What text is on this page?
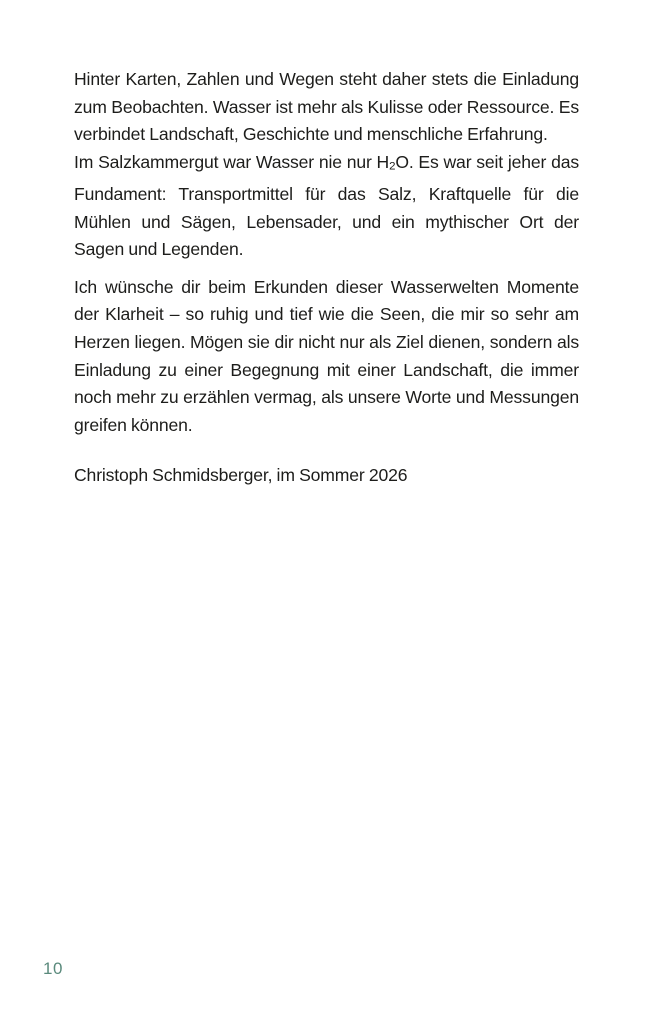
Hinter Karten, Zahlen und Wegen steht daher stets die Einladung zum Beobachten. Wasser ist mehr als Kulisse oder Ressource. Es verbindet Landschaft, Geschichte und menschliche Erfahrung.
Im Salzkammergut war Wasser nie nur H2O. Es war seit jeher das Fundament: Transportmittel für das Salz, Kraftquelle für die Mühlen und Sägen, Lebensader, und ein mythischer Ort der Sagen und Legenden.

Ich wünsche dir beim Erkunden dieser Wasserwelten Momente der Klarheit – so ruhig und tief wie die Seen, die mir so sehr am Herzen liegen. Mögen sie dir nicht nur als Ziel dienen, sondern als Einladung zu einer Begegnung mit einer Landschaft, die immer noch mehr zu erzählen vermag, als unsere Worte und Messungen greifen können.

Christoph Schmidsberger, im Sommer 2026

10
